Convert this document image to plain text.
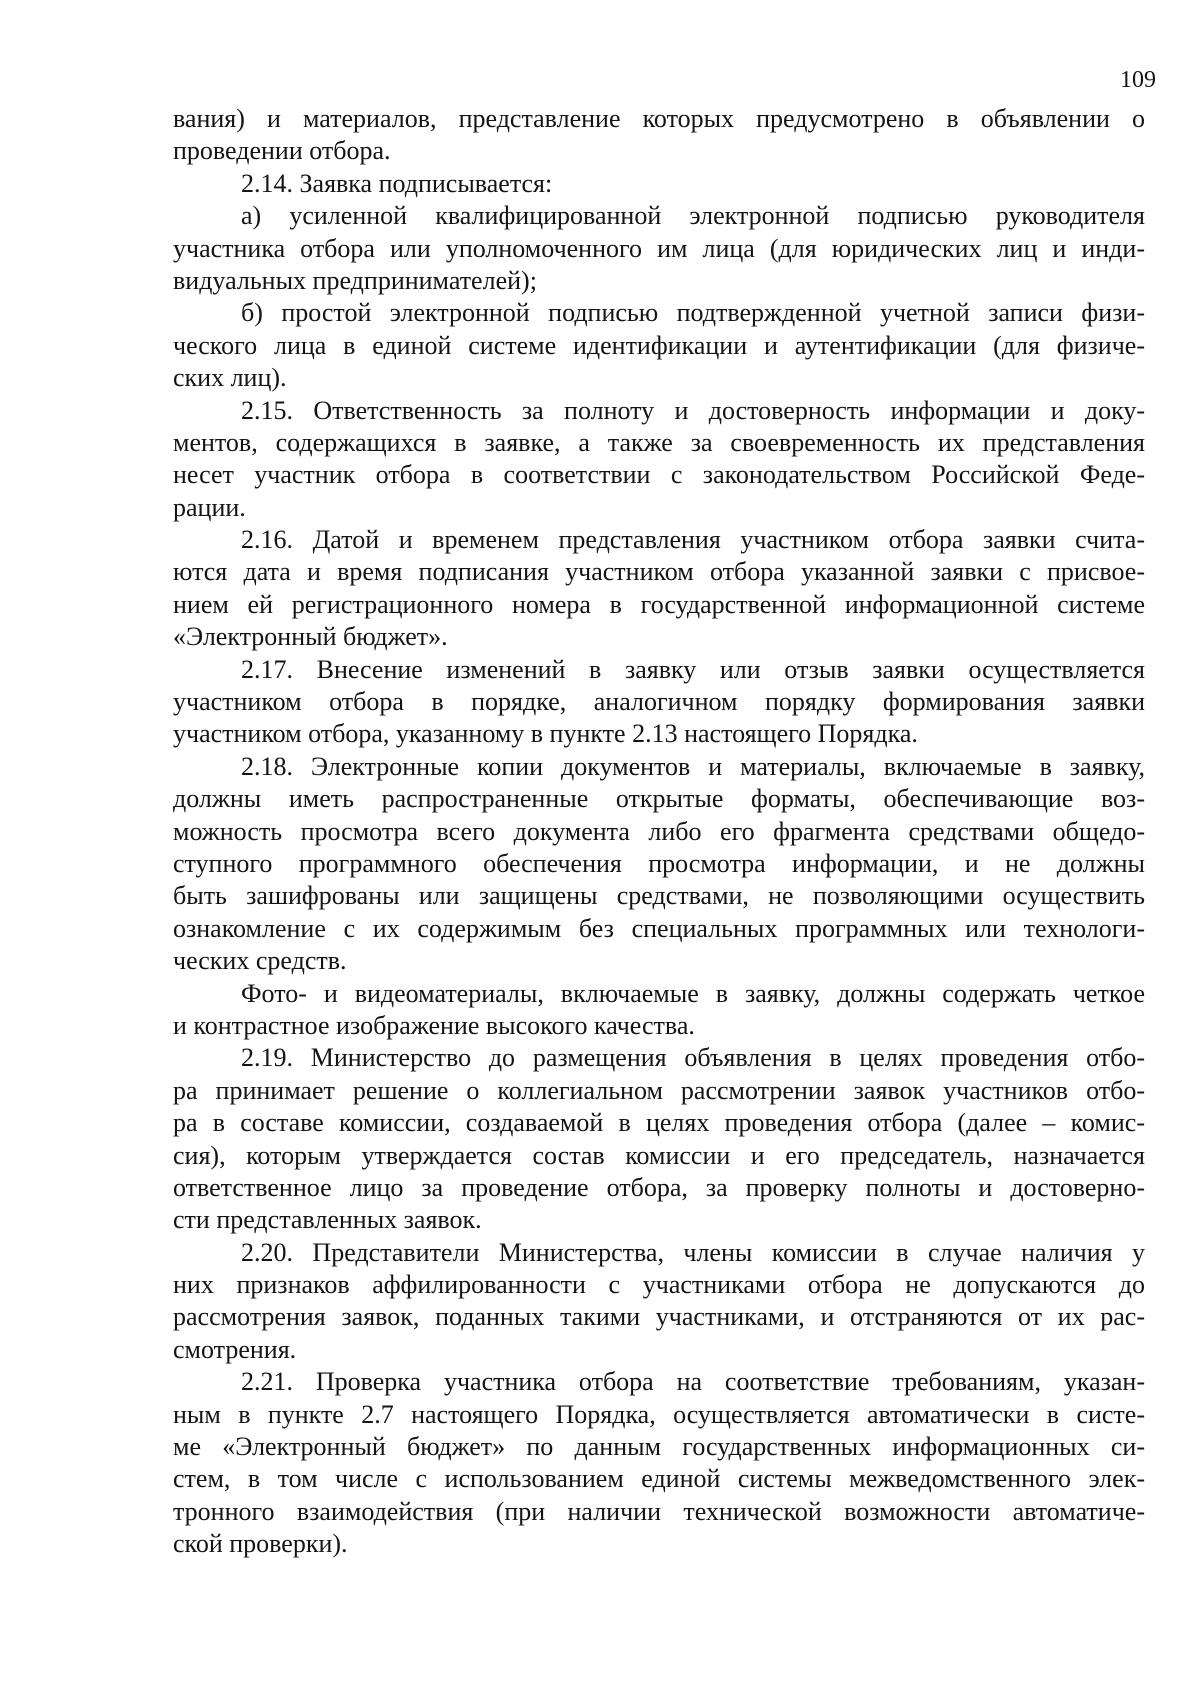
109
вания) и материалов, представление которых предусмотрено в объявлении о
проведении отбора.
2.14. Заявка подписывается:
а) усиленной квалифицированной электронной подписью руководителя
участника отбора или уполномоченного им лица (для юридических лиц и инди-
видуальных предпринимателей);
б) простой электронной подписью подтвержденной учетной записи физи-
ческого лица в единой системе идентификации и аутентификации (для физиче-
ских лиц).
2.15. Ответственность за полноту и достоверность информации и доку-
ментов, содержащихся в заявке, а также за своевременность их представления
несет участник отбора в соответствии с законодательством Российской Феде-
рации.
2.16. Датой и временем представления участником отбора заявки счита-
ются дата и время подписания участником отбора указанной заявки с присвое-
нием ей регистрационного номера в государственной информационной системе
«Электронный бюджет».
2.17. Внесение изменений в заявку или отзыв заявки осуществляется
участником отбора в порядке, аналогичном порядку формирования заявки
участником отбора, указанному в пункте 2.13 настоящего Порядка.
2.18. Электронные копии документов и материалы, включаемые в заявку,
должны иметь распространенные открытые форматы, обеспечивающие воз-
можность просмотра всего документа либо его фрагмента средствами общедо-
ступного программного обеспечения просмотра информации, и не должны
быть зашифрованы или защищены средствами, не позволяющими осуществить
ознакомление с их содержимым без специальных программных или технологи-
ческих средств.
Фото- и видеоматериалы, включаемые в заявку, должны содержать четкое
и контрастное изображение высокого качества.
2.19. Министерство до размещения объявления в целях проведения отбо-
ра принимает решение о коллегиальном рассмотрении заявок участников отбо-
ра в составе комиссии, создаваемой в целях проведения отбора (далее – комис-
сия), которым утверждается состав комиссии и его председатель, назначается
ответственное лицо за проведение отбора, за проверку полноты и достоверно-
сти представленных заявок.
2.20. Представители Министерства, члены комиссии в случае наличия у
них признаков аффилированности с участниками отбора не допускаются до
рассмотрения заявок, поданных такими участниками, и отстраняются от их рас-
смотрения.
2.21. Проверка участника отбора на соответствие требованиям, указан-
ным в пункте 2.7 настоящего Порядка, осуществляется автоматически в систе-
ме «Электронный бюджет» по данным государственных информационных си-
стем, в том числе с использованием единой системы межведомственного элек-
тронного взаимодействия (при наличии технической возможности автоматиче-
ской проверки).
